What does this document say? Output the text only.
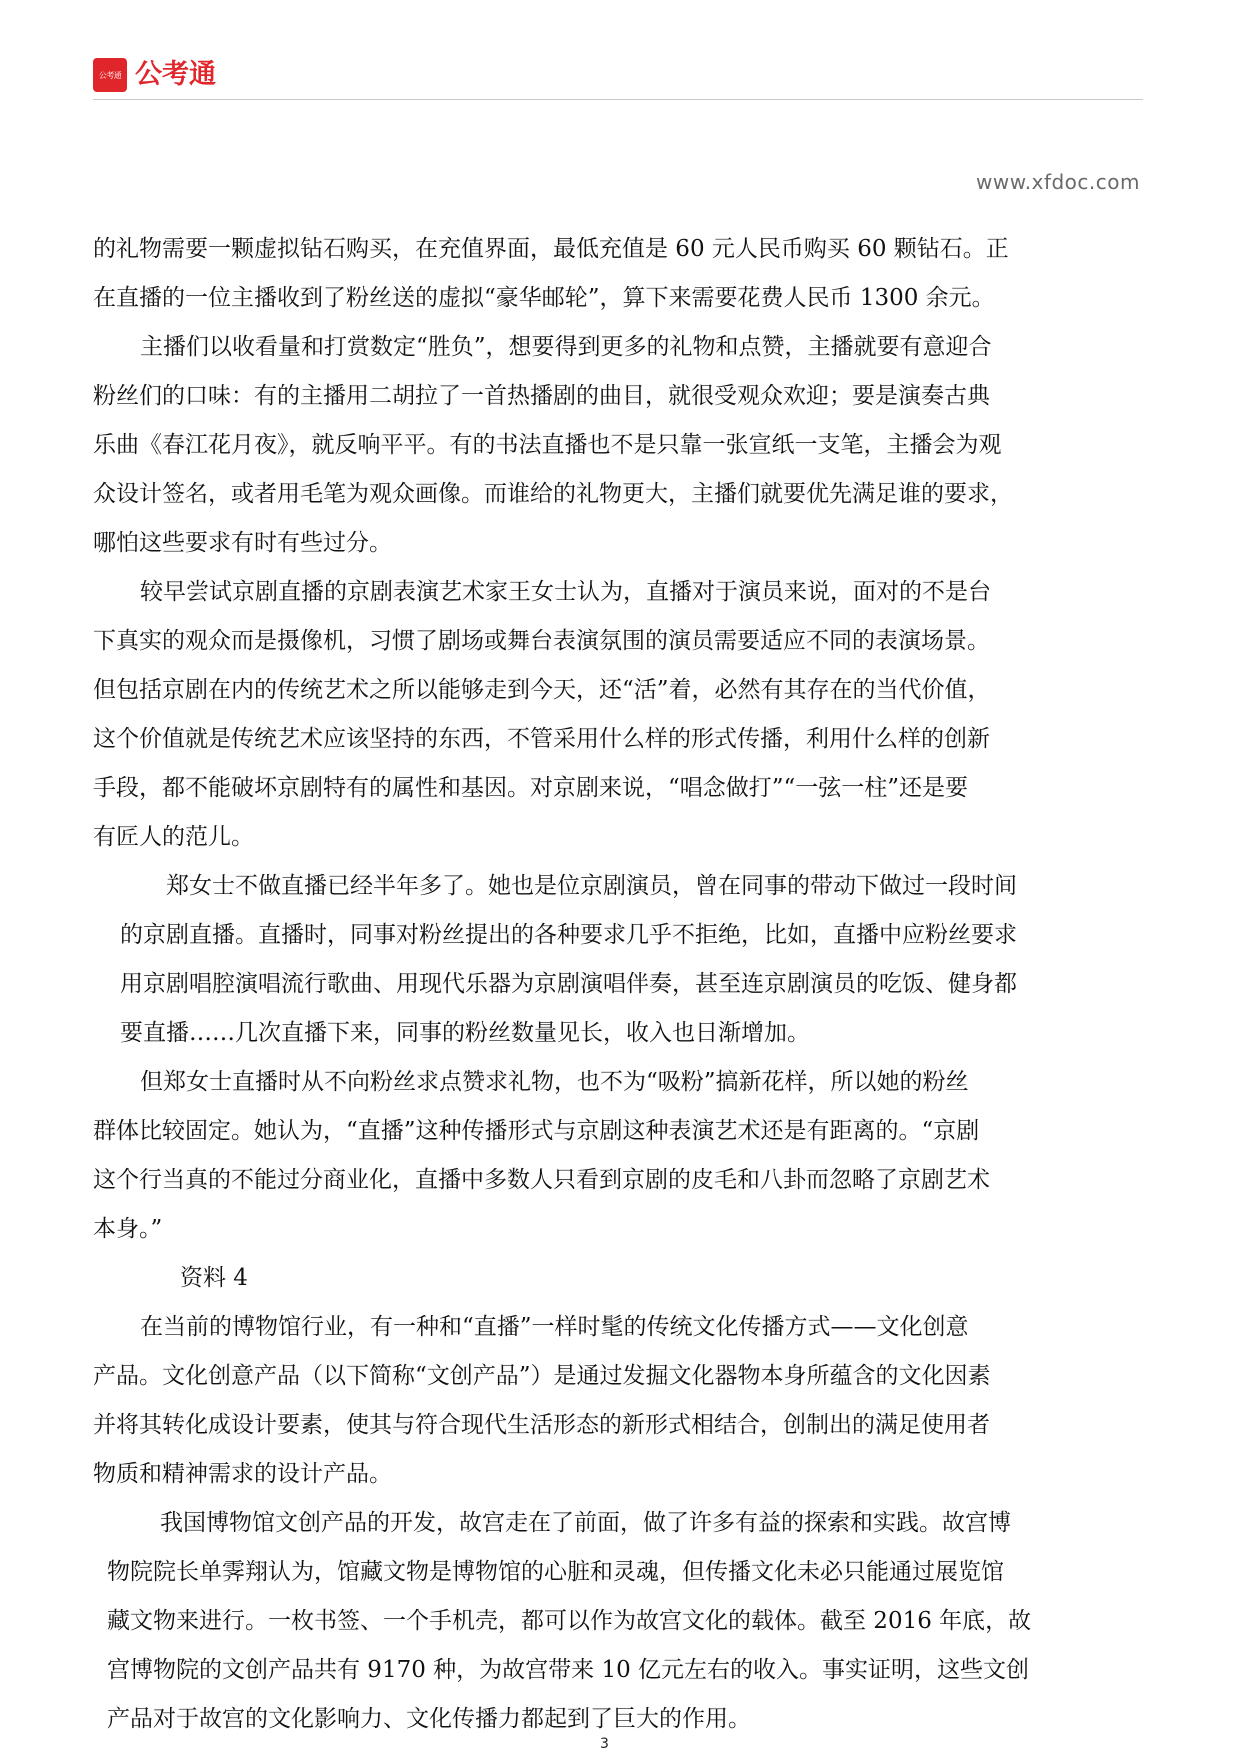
公考通 公考通
www.xfdoc.com
的礼物需要一颗虚拟钻石购买，在充值界面，最低充值是 60 元人民币购买 60 颗钻石。正
在直播的一位主播收到了粉丝送的虚拟“豪华邮轮”，算下来需要花费人民币 1300 余元。
主播们以收看量和打赏数定“胜负”，想要得到更多的礼物和点赞，主播就要有意迎合
粉丝们的口味：有的主播用二胡拉了一首热播剧的曲目，就很受观众欢迎；要是演奏古典
乐曲《春江花月夜》，就反响平平。有的书法直播也不是只靠一张宣纸一支笔，主播会为观
众设计签名，或者用毛笔为观众画像。而谁给的礼物更大，主播们就要优先满足谁的要求，
哪怕这些要求有时有些过分。
较早尝试京剧直播的京剧表演艺术家王女士认为，直播对于演员来说，面对的不是台
下真实的观众而是摄像机，习惯了剧场或舞台表演氛围的演员需要适应不同的表演场景。
但包括京剧在内的传统艺术之所以能够走到今天，还“活”着，必然有其存在的当代价值，
这个价值就是传统艺术应该坚持的东西，不管采用什么样的形式传播，利用什么样的创新
手段，都不能破坏京剧特有的属性和基因。对京剧来说，“唱念做打”“一弦一柱”还是要
有匠人的范儿。
郑女士不做直播已经半年多了。她也是位京剧演员，曾在同事的带动下做过一段时间
的京剧直播。直播时，同事对粉丝提出的各种要求几乎不拒绝，比如，直播中应粉丝要求
用京剧唱腔演唱流行歌曲、用现代乐器为京剧演唱伴奏，甚至连京剧演员的吃饭、健身都
要直播……几次直播下来，同事的粉丝数量见长，收入也日渐增加。
但郑女士直播时从不向粉丝求点赞求礼物，也不为“吸粉”搞新花样，所以她的粉丝
群体比较固定。她认为，“直播”这种传播形式与京剧这种表演艺术还是有距离的。“京剧
这个行当真的不能过分商业化，直播中多数人只看到京剧的皮毛和八卦而忽略了京剧艺术
本身。”
资料 4
在当前的博物馆行业，有一种和“直播”一样时髦的传统文化传播方式——文化创意
产品。文化创意产品（以下简称“文创产品”）是通过发掘文化器物本身所蕴含的文化因素
并将其转化成设计要素，使其与符合现代生活形态的新形式相结合，创制出的满足使用者
物质和精神需求的设计产品。
我国博物馆文创产品的开发，故宫走在了前面，做了许多有益的探索和实践。故宫博
物院院长单霁翔认为，馆藏文物是博物馆的心脏和灵魂，但传播文化未必只能通过展览馆
藏文物来进行。一枚书签、一个手机壳，都可以作为故宫文化的载体。截至 2016 年底，故
宫博物院的文创产品共有 9170 种，为故宫带来 10 亿元左右的收入。事实证明，这些文创
产品对于故宫的文化影响力、文化传播力都起到了巨大的作用。
3
